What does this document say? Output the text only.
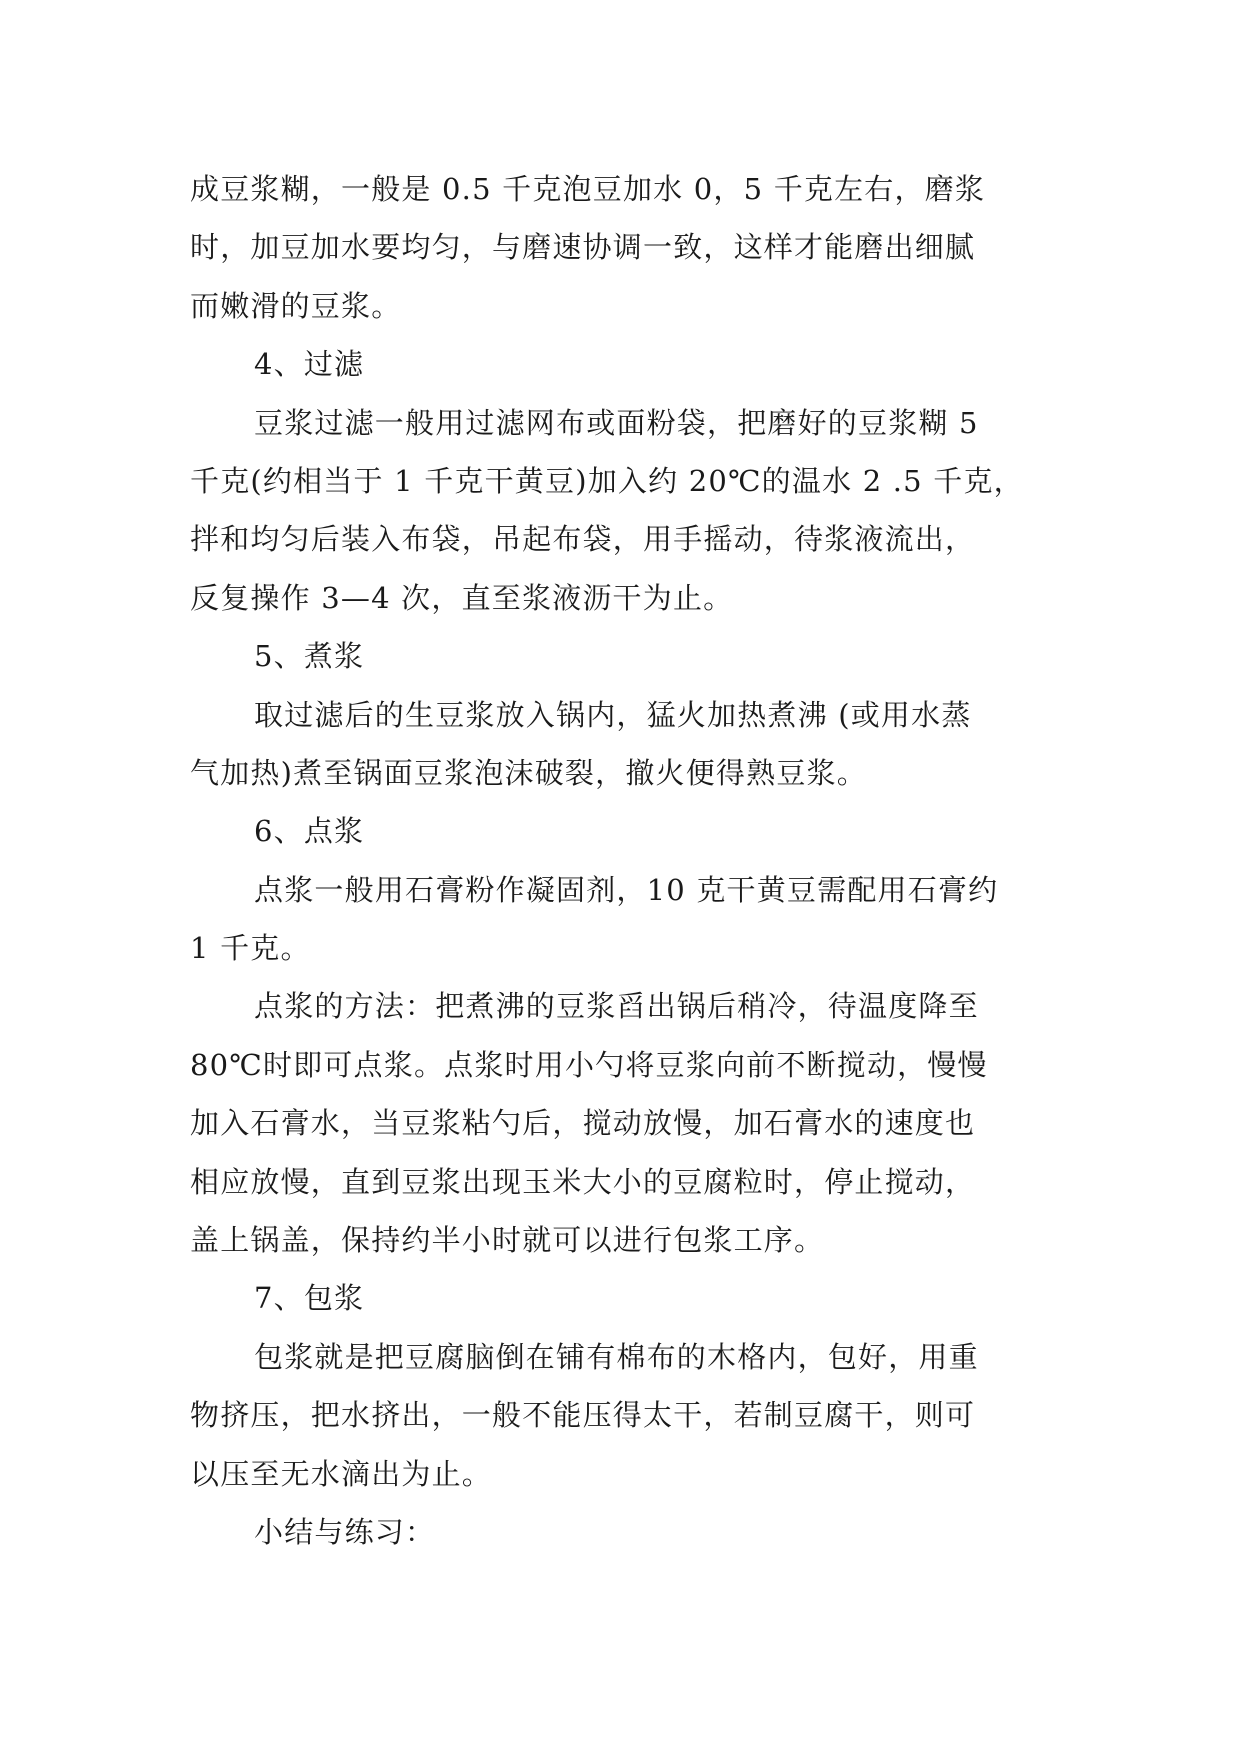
成豆浆糊，一般是 0.5 千克泡豆加水 0，5 千克左右，磨浆
时，加豆加水要均匀，与磨速协调一致，这样才能磨出细腻
而嫩滑的豆浆。
4、过滤
豆浆过滤一般用过滤网布或面粉袋，把磨好的豆浆糊 5
千克(约相当于 1 千克干黄豆)加入约 20℃的温水 2 .5 千克，
拌和均匀后装入布袋，吊起布袋，用手摇动，待浆液流出，
反复操作 3—4 次，直至浆液沥干为止。
5、煮浆
取过滤后的生豆浆放入锅内，猛火加热煮沸 (或用水蒸
气加热)煮至锅面豆浆泡沫破裂，撤火便得熟豆浆。
6、点浆
点浆一般用石膏粉作凝固剂，10 克干黄豆需配用石膏约
1 千克。
点浆的方法：把煮沸的豆浆舀出锅后稍冷，待温度降至
80℃时即可点浆。点浆时用小勺将豆浆向前不断搅动，慢慢
加入石膏水，当豆浆粘勺后，搅动放慢，加石膏水的速度也
相应放慢，直到豆浆出现玉米大小的豆腐粒时，停止搅动，
盖上锅盖，保持约半小时就可以进行包浆工序。
7、包浆
包浆就是把豆腐脑倒在铺有棉布的木格内，包好，用重
物挤压，把水挤出，一般不能压得太干，若制豆腐干，则可
以压至无水滴出为止。
小结与练习：
